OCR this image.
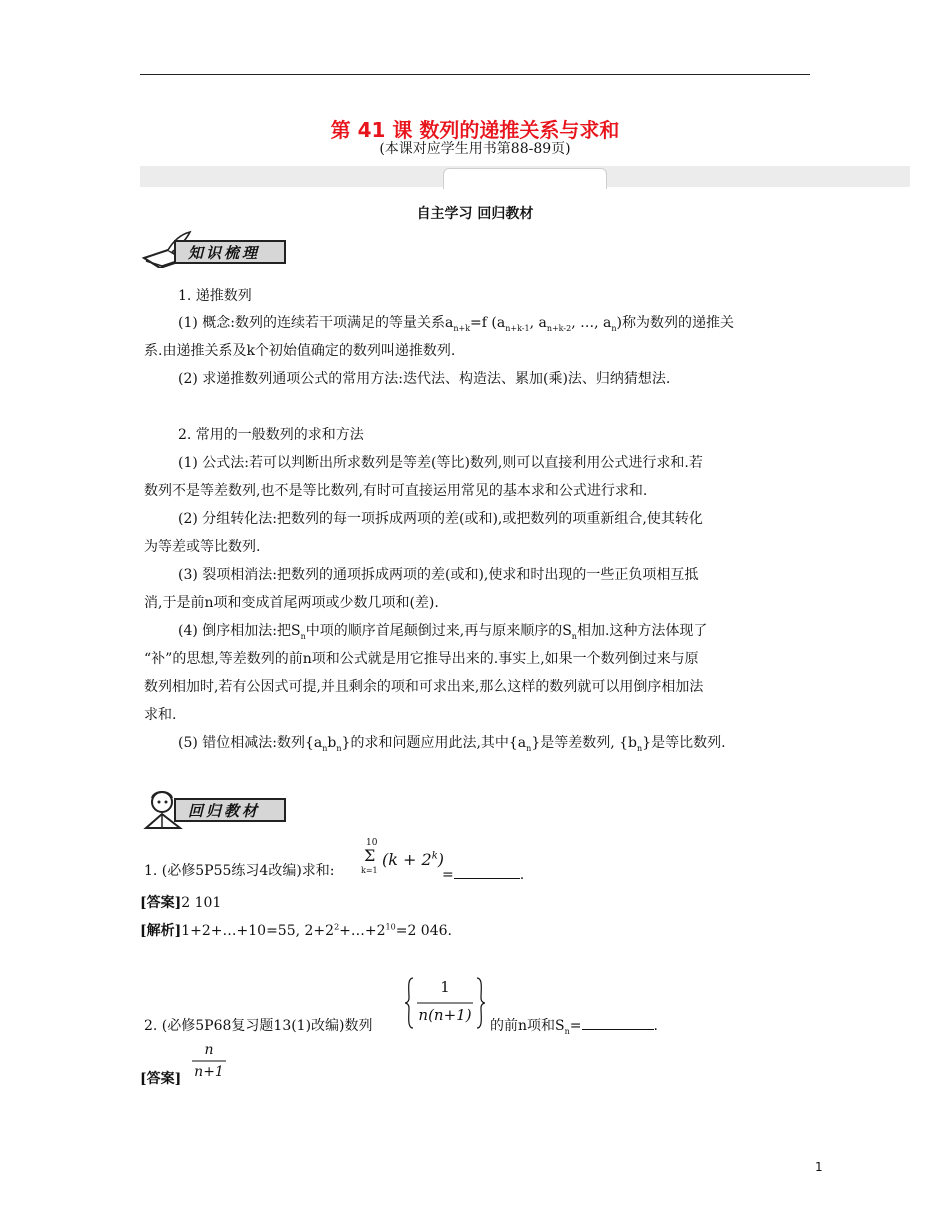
第 41 课 数列的递推关系与求和
(本课对应学生用书第88-89页)
自主学习 回归教材
知识梳理
1. 递推数列
(1) 概念:数列的连续若干项满足的等量关系$a_{n+k}=f$ ($a_{n+k-1}$, $a_{n+k-2}$, …, $a_n$)称为数列的递推关
系.由递推关系及k个初始值确定的数列叫递推数列.
(2) 求递推数列通项公式的常用方法:迭代法、构造法、累加(乘)法、归纳猜想法.
2. 常用的一般数列的求和方法
(1) 公式法:若可以判断出所求数列是等差(等比)数列,则可以直接利用公式进行求和.若
数列不是等差数列,也不是等比数列,有时可直接运用常见的基本求和公式进行求和.
(2) 分组转化法:把数列的每一项拆成两项的差(或和),或把数列的项重新组合,使其转化
为等差或等比数列.
(3) 裂项相消法:把数列的通项拆成两项的差(或和),使求和时出现的一些正负项相互抵
消,于是前n项和变成首尾两项或少数几项和(差).
(4) 倒序相加法:把$S_n$中项的顺序首尾颠倒过来,再与原来顺序的$S_n$相加.这种方法体现了
“补”的思想,等差数列的前n项和公式就是用它推导出来的.事实上,如果一个数列倒过来与原
数列相加时,若有公因式可提,并且剩余的项和可求出来,那么这样的数列就可以用倒序相加法
求和.
(5) 错位相减法:数列$\{a_nb_n\}$的求和问题应用此法,其中$\{a_n\}$是等差数列, $\{b_n\}$是等比数列.
回归教材
1. (必修5P55练习4改编)求和:
10
Σ
k=1
$(k + 2^k)$
=	.
[答案]2 101
[解析]1+2+…+10=55, $2+2^2+\dots+2^{10}=2$ 046.
2. (必修5P68复习题13(1)改编)数列
1
n(n+1)
的前n项和$S_n=$	.
[答案]
n
n+1
1
